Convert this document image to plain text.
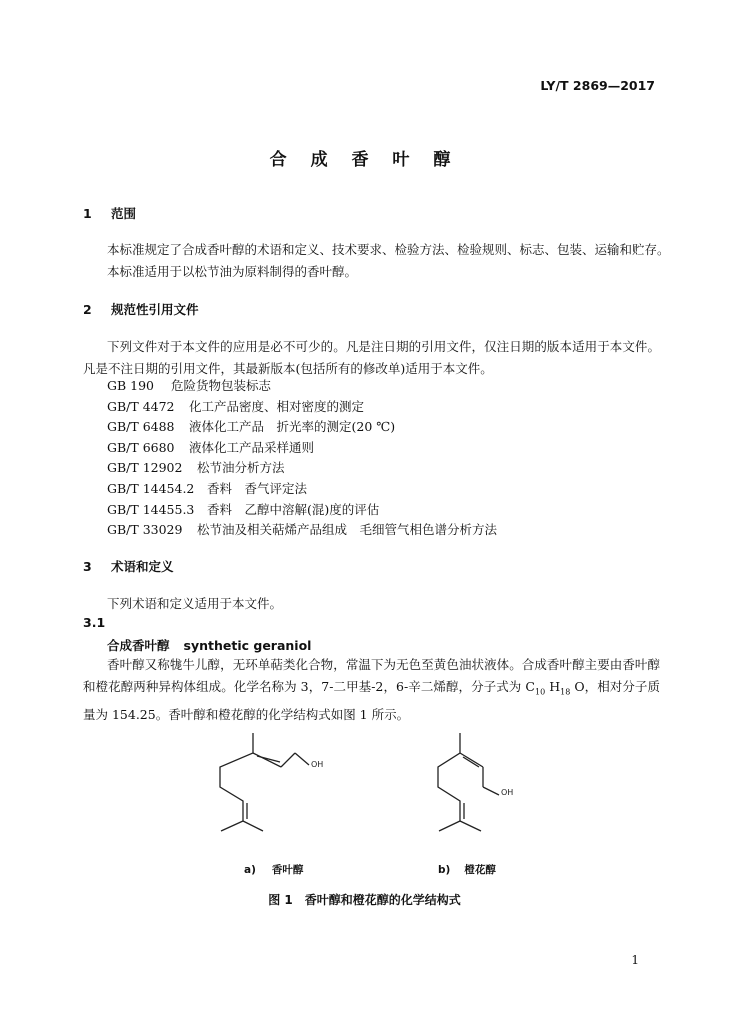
LY/T 2869—2017
合 成 香 叶 醇
1 范围
本标准规定了合成香叶醇的术语和定义、技术要求、检验方法、检验规则、标志、包装、运输和贮存。
本标准适用于以松节油为原料制得的香叶醇。
2 规范性引用文件
下列文件对于本文件的应用是必不可少的。凡是注日期的引用文件，仅注日期的版本适用于本文件。凡是不注日期的引用文件，其最新版本(包括所有的修改单)适用于本文件。
GB 190 危险货物包装标志
GB/T 4472 化工产品密度、相对密度的测定
GB/T 6488 液体化工产品　折光率的测定(20 ℃)
GB/T 6680 液体化工产品采样通则
GB/T 12902 松节油分析方法
GB/T 14454.2 香料　香气评定法
GB/T 14455.3 香料　乙醇中溶解(混)度的评估
GB/T 33029 松节油及相关萜烯产品组成　毛细管气相色谱分析方法
3 术语和定义
下列术语和定义适用于本文件。
3.1
合成香叶醇 synthetic geraniol
香叶醇又称牻牛儿醇，无环单萜类化合物，常温下为无色至黄色油状液体。合成香叶醇主要由香叶醇和橙花醇两种异构体组成。化学名称为 3，7-二甲基-2，6-辛二烯醇，分子式为 $C_{10}$ $H_{18}$ O，相对分子质量为 154.25。香叶醇和橙花醇的化学结构式如图 1 所示。
OH
OH
a) 香叶醇	b) 橙花醇
图 1　香叶醇和橙花醇的化学结构式
1
